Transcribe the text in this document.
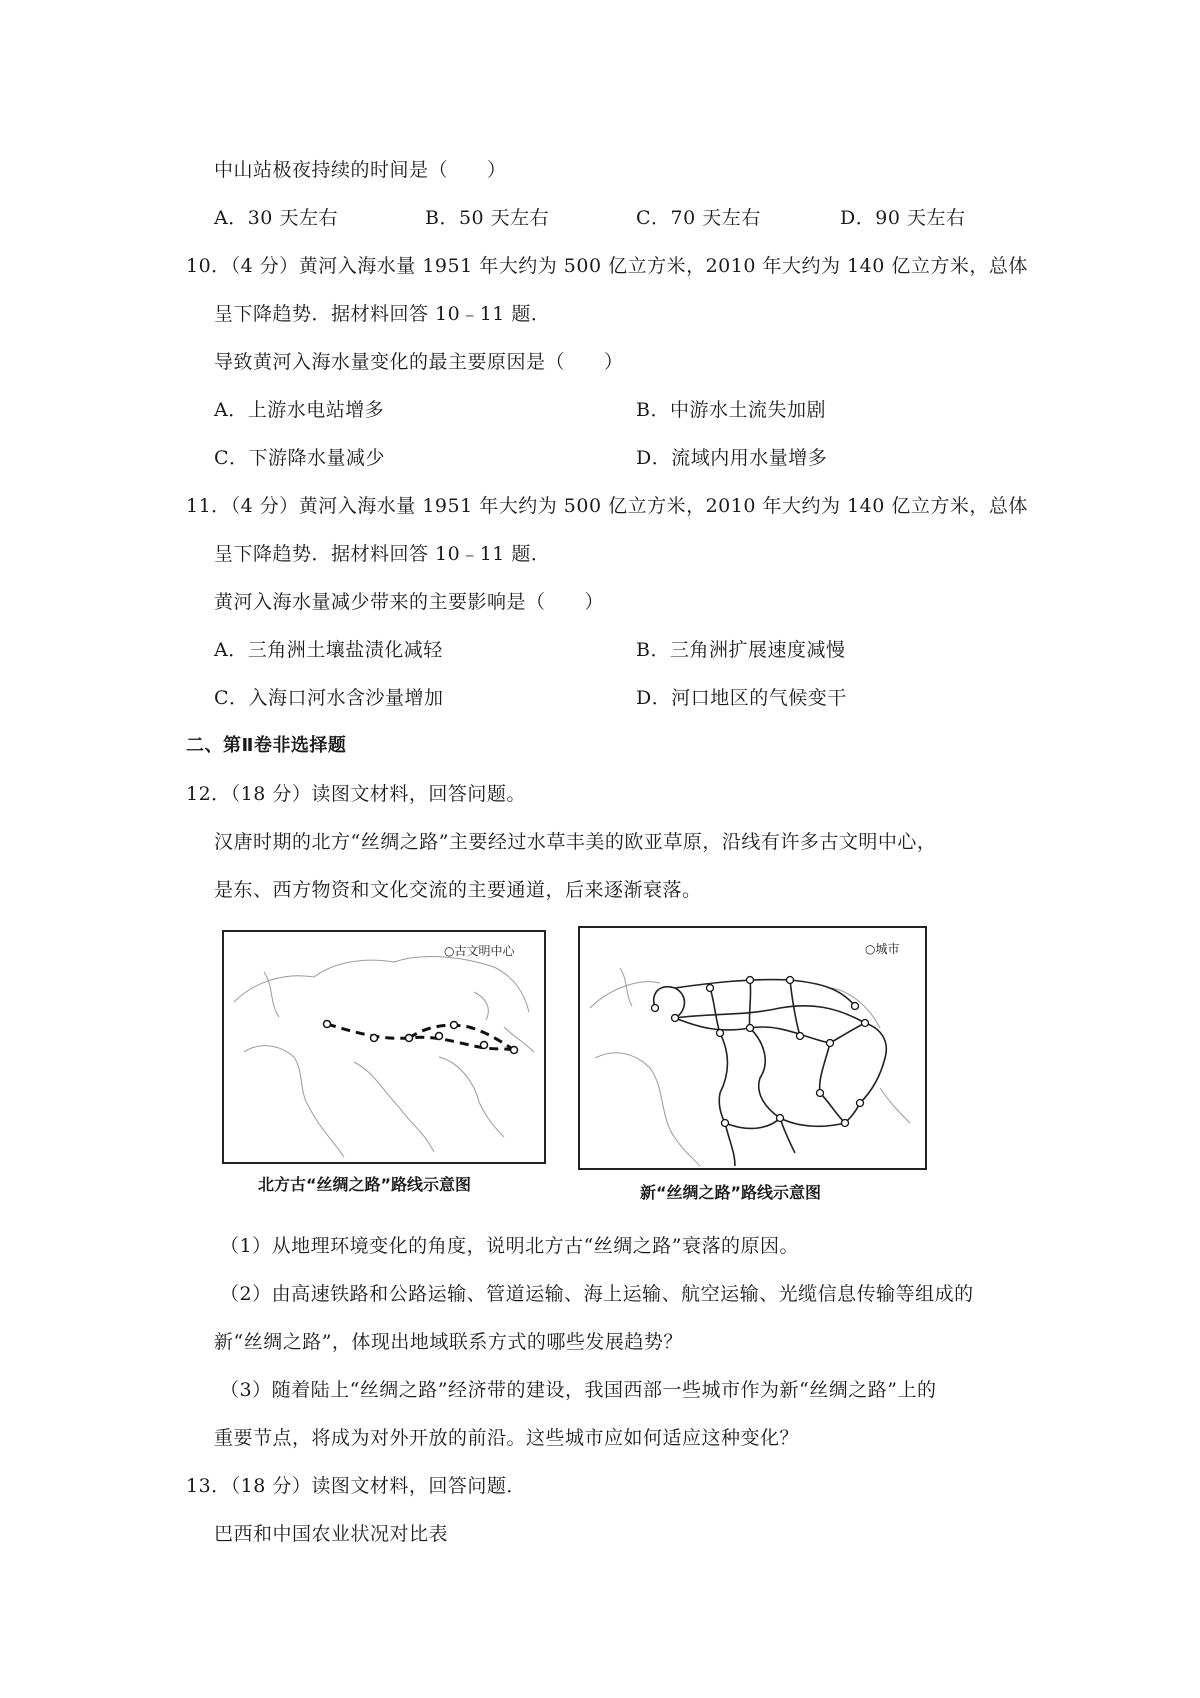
中山站极夜持续的时间是（　　）
A．30 天左右	B．50 天左右	C．70 天左右	D．90 天左右
10．（4 分）黄河入海水量 1951 年大约为 500 亿立方米，2010 年大约为 140 亿立方米，总体
呈下降趋势．据材料回答 10﹣11 题．
导致黄河入海水量变化的最主要原因是（　　）
A．上游水电站增多	B．中游水土流失加剧
C．下游降水量减少	D．流域内用水量增多
11．（4 分）黄河入海水量 1951 年大约为 500 亿立方米，2010 年大约为 140 亿立方米，总体
呈下降趋势．据材料回答 10﹣11 题．
黄河入海水量减少带来的主要影响是（　　）
A．三角洲土壤盐渍化减轻	B．三角洲扩展速度减慢
C．入海口河水含沙量增加	D．河口地区的气候变干
二、第Ⅱ卷非选择题
12．（18 分）读图文材料，回答问题。
汉唐时期的北方“丝绸之路”主要经过水草丰美的欧亚草原，沿线有许多古文明中心，
是东、西方物资和文化交流的主要通道，后来逐渐衰落。
○古文明中心
北方古“丝绸之路”路线示意图
○城市
新“丝绸之路”路线示意图
（1）从地理环境变化的角度，说明北方古“丝绸之路”衰落的原因。
（2）由高速铁路和公路运输、管道运输、海上运输、航空运输、光缆信息传输等组成的
新“丝绸之路”，体现出地域联系方式的哪些发展趋势？
（3）随着陆上“丝绸之路”经济带的建设，我国西部一些城市作为新“丝绸之路”上的
重要节点，将成为对外开放的前沿。这些城市应如何适应这种变化？
13．（18 分）读图文材料，回答问题．
巴西和中国农业状况对比表
